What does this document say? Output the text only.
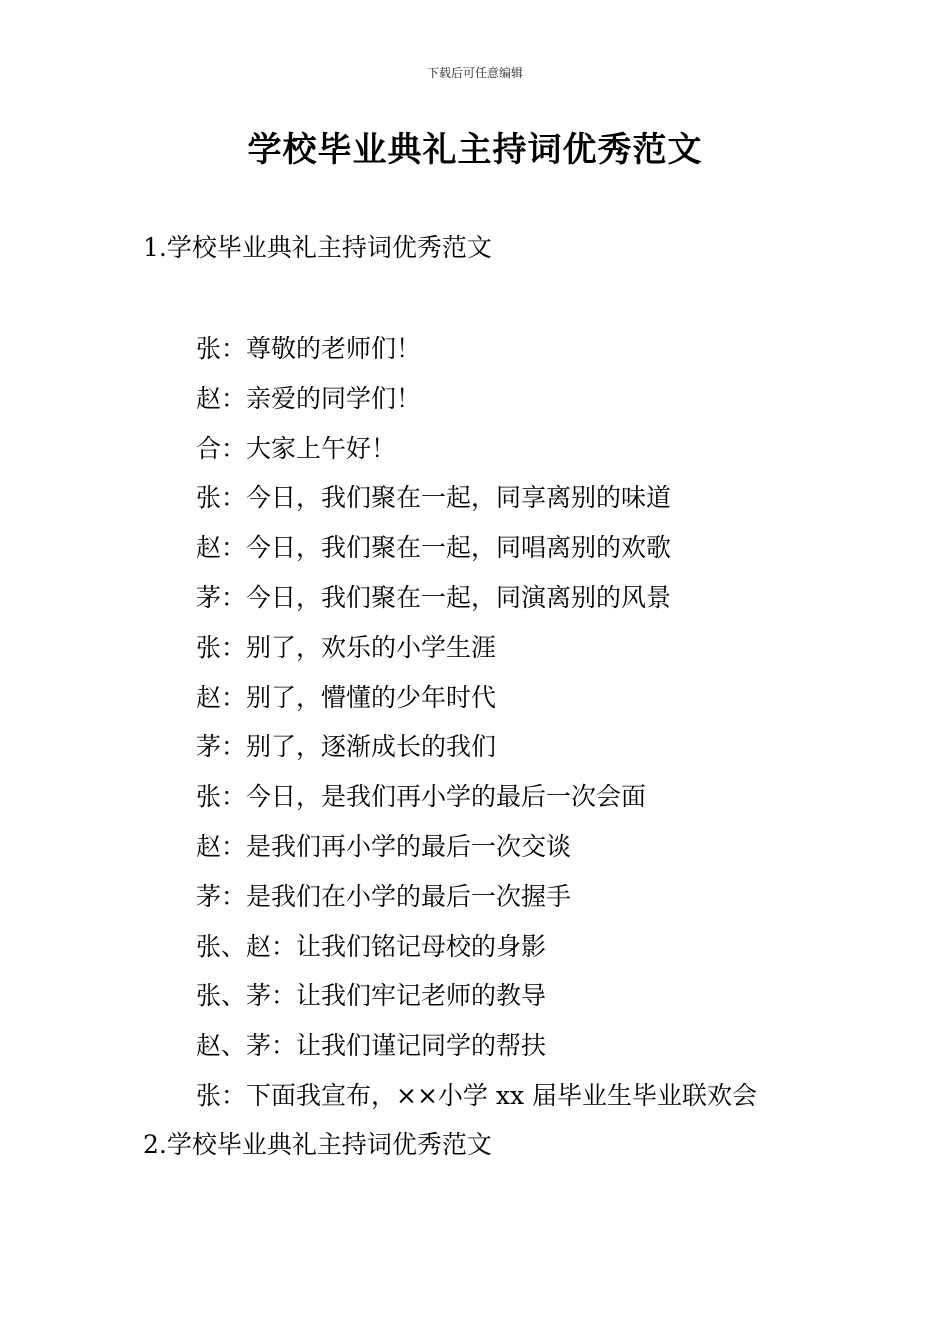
下载后可任意编辑
学校毕业典礼主持词优秀范文
1.学校毕业典礼主持词优秀范文
张：尊敬的老师们！
赵：亲爱的同学们！
合：大家上午好！
张：今日，我们聚在一起，同享离别的味道
赵：今日，我们聚在一起，同唱离别的欢歌
茅：今日，我们聚在一起，同演离别的风景
张：别了，欢乐的小学生涯
赵：别了，懵懂的少年时代
茅：别了，逐渐成长的我们
张：今日，是我们再小学的最后一次会面
赵：是我们再小学的最后一次交谈
茅：是我们在小学的最后一次握手
张、赵：让我们铭记母校的身影
张、茅：让我们牢记老师的教导
赵、茅：让我们谨记同学的帮扶
张：下面我宣布，××小学 xx 届毕业生毕业联欢会
2.学校毕业典礼主持词优秀范文
